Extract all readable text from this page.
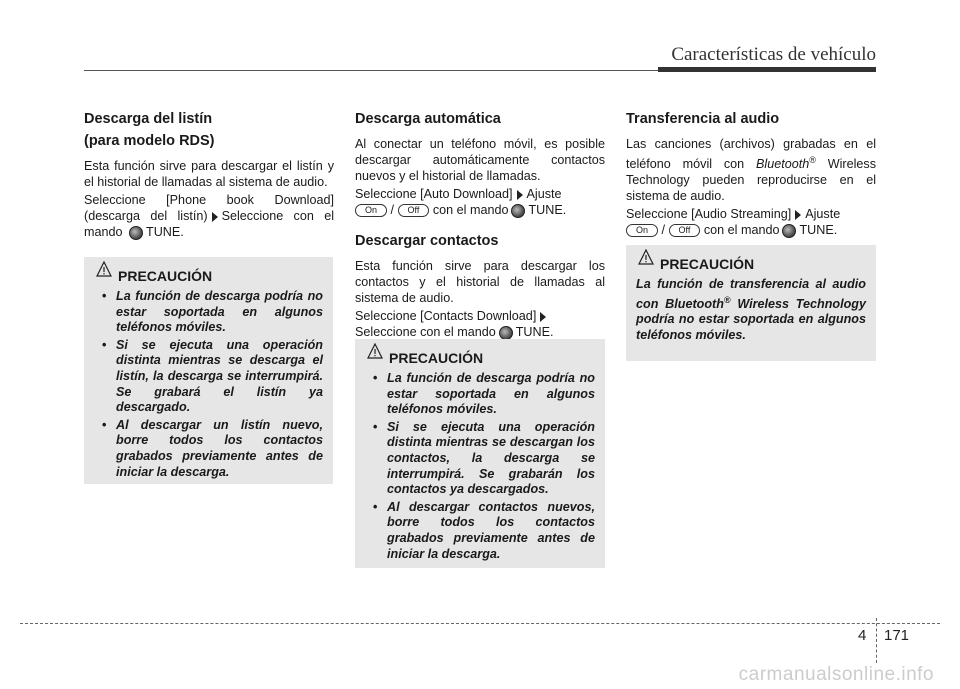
Características de vehículo
Descarga del listín
(para modelo RDS)

Esta función sirve para descargar el listín y el historial de llamadas al sistema de audio.

Seleccione [Phone book Download] (descarga del listín) Seleccione con el mando TUNE.

PRECAUCIÓN
• La función de descarga podría no estar soportada en algunos teléfonos móviles.
• Si se ejecuta una operación distinta mientras se descarga el listín, la descarga se interrumpirá. Se grabará el listín ya descargado.
• Al descargar un listín nuevo, borre todos los contactos grabados previamente antes de iniciar la descarga.
Descarga automática

Al conectar un teléfono móvil, es posible descargar automáticamente contactos nuevos y el historial de llamadas.

Seleccione [Auto Download] Ajuste
On / Off con el mando TUNE.

Descargar contactos

Esta función sirve para descargar los contactos y el historial de llamadas al sistema de audio.

Seleccione [Contacts Download]
Seleccione con el mando TUNE.

PRECAUCIÓN
• La función de descarga podría no estar soportada en algunos teléfonos móviles.
• Si se ejecuta una operación distinta mientras se descargan los contactos, la descarga se interrumpirá. Se grabarán los contactos ya descargados.
• Al descargar contactos nuevos, borre todos los contactos grabados previamente antes de iniciar la descarga.
Transferencia al audio

Las canciones (archivos) grabadas en el teléfono móvil con Bluetooth® Wireless Technology pueden reproducirse en el sistema de audio.

Seleccione [Audio Streaming] Ajuste
On / Off con el mando TUNE.

PRECAUCIÓN

La función de transferencia al audio con Bluetooth® Wireless Technology podría no estar soportada en algunos teléfonos móviles.

4 171
carmanualsonline.info
